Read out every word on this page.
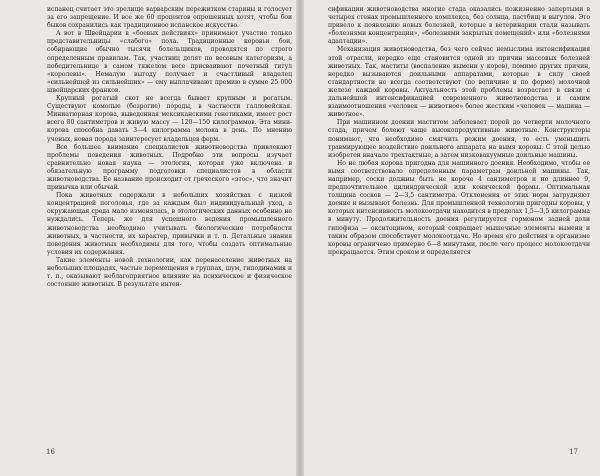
испанец считает это зрелище варварским пережитком старины и голосует за его запрещение. И все же 60 процентов опрошенных хотят, чтобы бои быков сохранились как традиционное испанское искусство.

А вот в Швейцарии в «боевых действиях» принимают участие только представительницы «слабого» пола. Традиционные коровьи бои, собирающие обычно тысячи болельщиков, проводятся по строго определенным правилам. Так, участниц делят по весовым категориям, а победительнице в самом тяжелом весе присваивают почетный титул «королевы». Немалую выгоду получает и счастливый владелец «сильнейшей из сильнейших» — ему выплачивают премию в сумме 25 000 швейцарских франков.

Крупный рогатый скот не всегда бывает крупным и рогатым. Существуют комолые (безрогие) породы, в частности галловейская. Миниатюрная корова, выведенная мексиканскими генетиками, имеет рост всего 80 сантиметров и живую массу — 120—150 килограммов. Эта мини-корова способна давать 3—4 килограмма молока в день. По мнению ученых, новая порода заинтересует владельцев ферм.

Все большее внимание специалистов животноводства привлекают проблемы поведения животных. Подробно эти вопросы изучает сравнительно новая наука — этология, которая уже включена в обязательную программу подготовки специалистов в области животноводства. Ее название происходит от греческого «этос», что значит привычка или обычай.

Пока животных содержали в небольших хозяйствах с низкой концентрацией поголовья, где за каждым был индивидуальный уход, а окружающая среда мало изменялась, в этологических данных особенно не нуждались. Теперь же для успешного ведения промышленного животноводства необходимо учитывать биологические потребности животных, в частности, их характер, привычки и т. п. Детальные знания поведения животных необходимы для того, чтобы создать оптимальные условия их содержания.

Такие элементы новой технологии, как перенаселение животных на небольших площадях, частые перемещения в группах, шум, гиподинамия и т. п., оказывают неблагоприятное влияние на психическое и физическое состояние животных. В результате интен-

16

сификации животноводства многие стада оказались пожизненно запертыми в четырех стенах промышленного комплекса, без солнца, пастбищ и выгулов. Это привело к появлению новых болезней, которые в ветеринарии стали называть «болезнями концентрации», «болезнями закрытых помещений» или «болезнями адаптации».

Механизация животноводства, без чего сейчас немыслима интенсификация этой отрасли, нередко еще становится одной из причин массовых болезней животных. Так, маститы (воспаление вымени у коров), помимо других причин, нередко вызываются доильными аппаратами, которые в силу своей стандартности не всегда соответствуют (по величине и по форме) молочной железе каждой коровы. Актуальность этой проблемы возрастает в связи с дальнейшей интенсификацией современного животноводства и самим взаимоотношения «человек — животное» более жестким «человек — машина — животное».

При машинном доении маститом заболевает порой до четверти молочного стада, причем болеют чаще высокопродуктивные животные. Конструкторы понимают, что необходимо смягчить режим доения, то есть уменьшить травмирующее воздействие доильного аппарата на вымя коровы. С этой целью изобретен вначале трехтактные, а затем низковакуумные доильные машины.

Но не любая корова пригодна для машинного доения. Необходимо, чтобы ее вымя соответствовало определенным параметрам доильной машины. Так, например, соски должны быть не короче 4 сантиметров и не длиннее 9, предпочтительнее цилиндрической или конической формы. Оптимальная толщина сосков — 2—3,5 сантиметра. Отклонения от этих норм затрудняют доение и вызывают болезнь. Для промышленной технологии пригодны коровы, у которых интенсивность молокоотдачи находится в пределах 1,5—3,5 килограмма в минуту. Продолжительность доения регулируется гормоном задней доли гипофиза — окситоцином, который сокращает мышечные элементы вымени и таким образом способствует молокоотдаче. Но время его действия в организме коровы ограничено примерно 6—8 минутами, после чего процесс молокоотдачи прекращается. Этим сроком и определяется

17
